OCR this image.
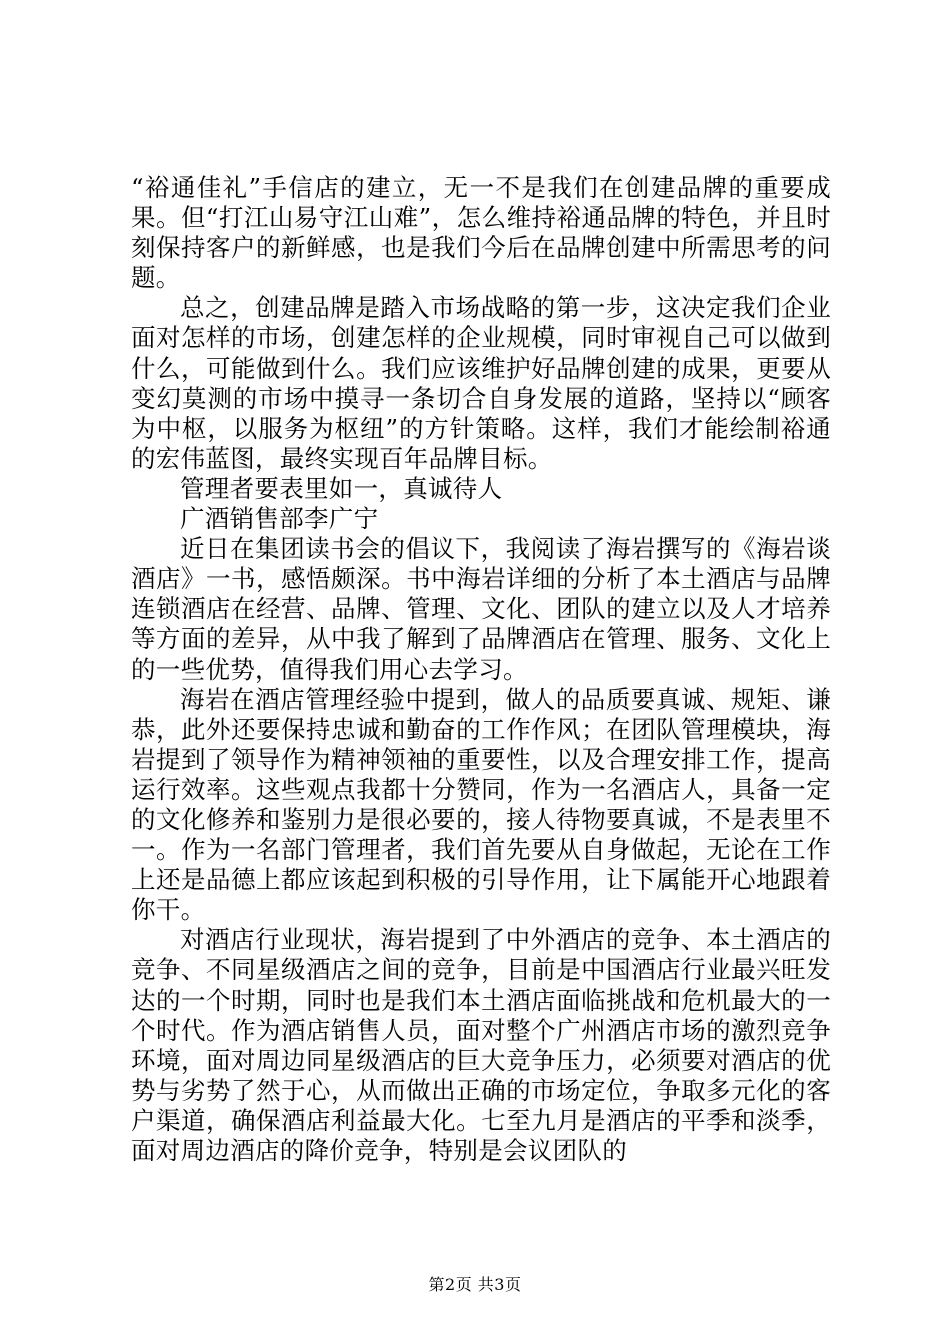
“裕通佳礼”手信店的建立，无一不是我们在创建品牌的重要成果。但“打江山易守江山难”，怎么维持裕通品牌的特色，并且时刻保持客户的新鲜感，也是我们今后在品牌创建中所需思考的问题。

总之，创建品牌是踏入市场战略的第一步，这决定我们企业面对怎样的市场，创建怎样的企业规模，同时审视自己可以做到什么，可能做到什么。我们应该维护好品牌创建的成果，更要从变幻莫测的市场中摸寻一条切合自身发展的道路，坚持以“顾客为中枢，以服务为枢纽”的方针策略。这样，我们才能绘制裕通的宏伟蓝图，最终实现百年品牌目标。

管理者要表里如一，真诚待人

广酒销售部李广宁

近日在集团读书会的倡议下，我阅读了海岩撰写的《海岩谈酒店》一书，感悟颇深。书中海岩详细的分析了本土酒店与品牌连锁酒店在经营、品牌、管理、文化、团队的建立以及人才培养等方面的差异，从中我了解到了品牌酒店在管理、服务、文化上的一些优势，值得我们用心去学习。

海岩在酒店管理经验中提到，做人的品质要真诚、规矩、谦恭，此外还要保持忠诚和勤奋的工作作风；在团队管理模块，海岩提到了领导作为精神领袖的重要性，以及合理安排工作，提高运行效率。这些观点我都十分赞同，作为一名酒店人，具备一定的文化修养和鉴别力是很必要的，接人待物要真诚，不是表里不一。作为一名部门管理者，我们首先要从自身做起，无论在工作上还是品德上都应该起到积极的引导作用，让下属能开心地跟着你干。

对酒店行业现状，海岩提到了中外酒店的竞争、本土酒店的竞争、不同星级酒店之间的竞争，目前是中国酒店行业最兴旺发达的一个时期，同时也是我们本土酒店面临挑战和危机最大的一个时代。作为酒店销售人员，面对整个广州酒店市场的激烈竞争环境，面对周边同星级酒店的巨大竞争压力，必须要对酒店的优势与劣势了然于心，从而做出正确的市场定位，争取多元化的客户渠道，确保酒店利益最大化。七至九月是酒店的平季和淡季，面对周边酒店的降价竞争，特别是会议团队的

第2页 共3页
